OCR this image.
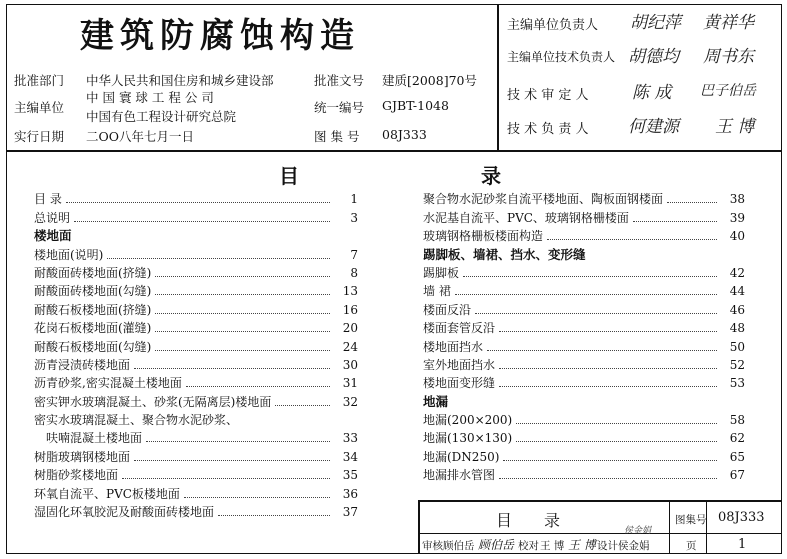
建筑防腐蚀构造
批准部门 中华人民共和国住房和城乡建设部	批准文号 建质[2008]70号
主编单位
中 国 寰 球 工 程 公 司
中国有色工程设计研究总院
统一编号 GJBT-1048
实行日期 二OO八年七月一日	图 集 号 08J333
主编单位负责人 胡纪萍 黄祥华
主编单位技术负责人 胡德均 周书东
技 术 审 定 人	陈 成 巴子伯岳
技 术 负 责 人 何建源 王 博
目	录
目 录	1
总说明	3
楼地面
楼地面(说明)	7
耐酸面砖楼地面(挤缝)	8
耐酸面砖楼地面(勾缝)	13
耐酸石板楼地面(挤缝)	16
花岗石板楼地面(灌缝)	20
耐酸石板楼地面(勾缝)	24
沥青浸渍砖楼地面	30
沥青砂浆,密实混凝土楼地面	31
密实钾水玻璃混凝土、砂浆(无隔离层)楼地面	32
密实水玻璃混凝土、聚合物水泥砂浆、
　呋喃混凝土楼地面	33
树脂玻璃钢楼地面	34
树脂砂浆楼地面	35
环氧自流平、PVC板楼地面	36
湿固化环氧胶泥及耐酸面砖楼地面	37
聚合物水泥砂浆自流平楼地面、陶板面钢楼面	38
水泥基自流平、PVC、玻璃钢格栅楼面	39
玻璃钢格栅板楼面构造	40
踢脚板、墙裙、挡水、变形缝
踢脚板	42
墙 裙	44
楼面反沿	46
楼面套管反沿	48
楼地面挡水	50
室外地面挡水	52
楼地面变形缝	53
地漏
地漏(200×200)	58
地漏(130×130)	62
地漏(DN250)	65
地漏排水管图	67
目　　录	图集号 08J333
页	1
审核 顾伯岳 顾伯岳 校对 王 博 王 博 设计 侯金娟
侯金娟
